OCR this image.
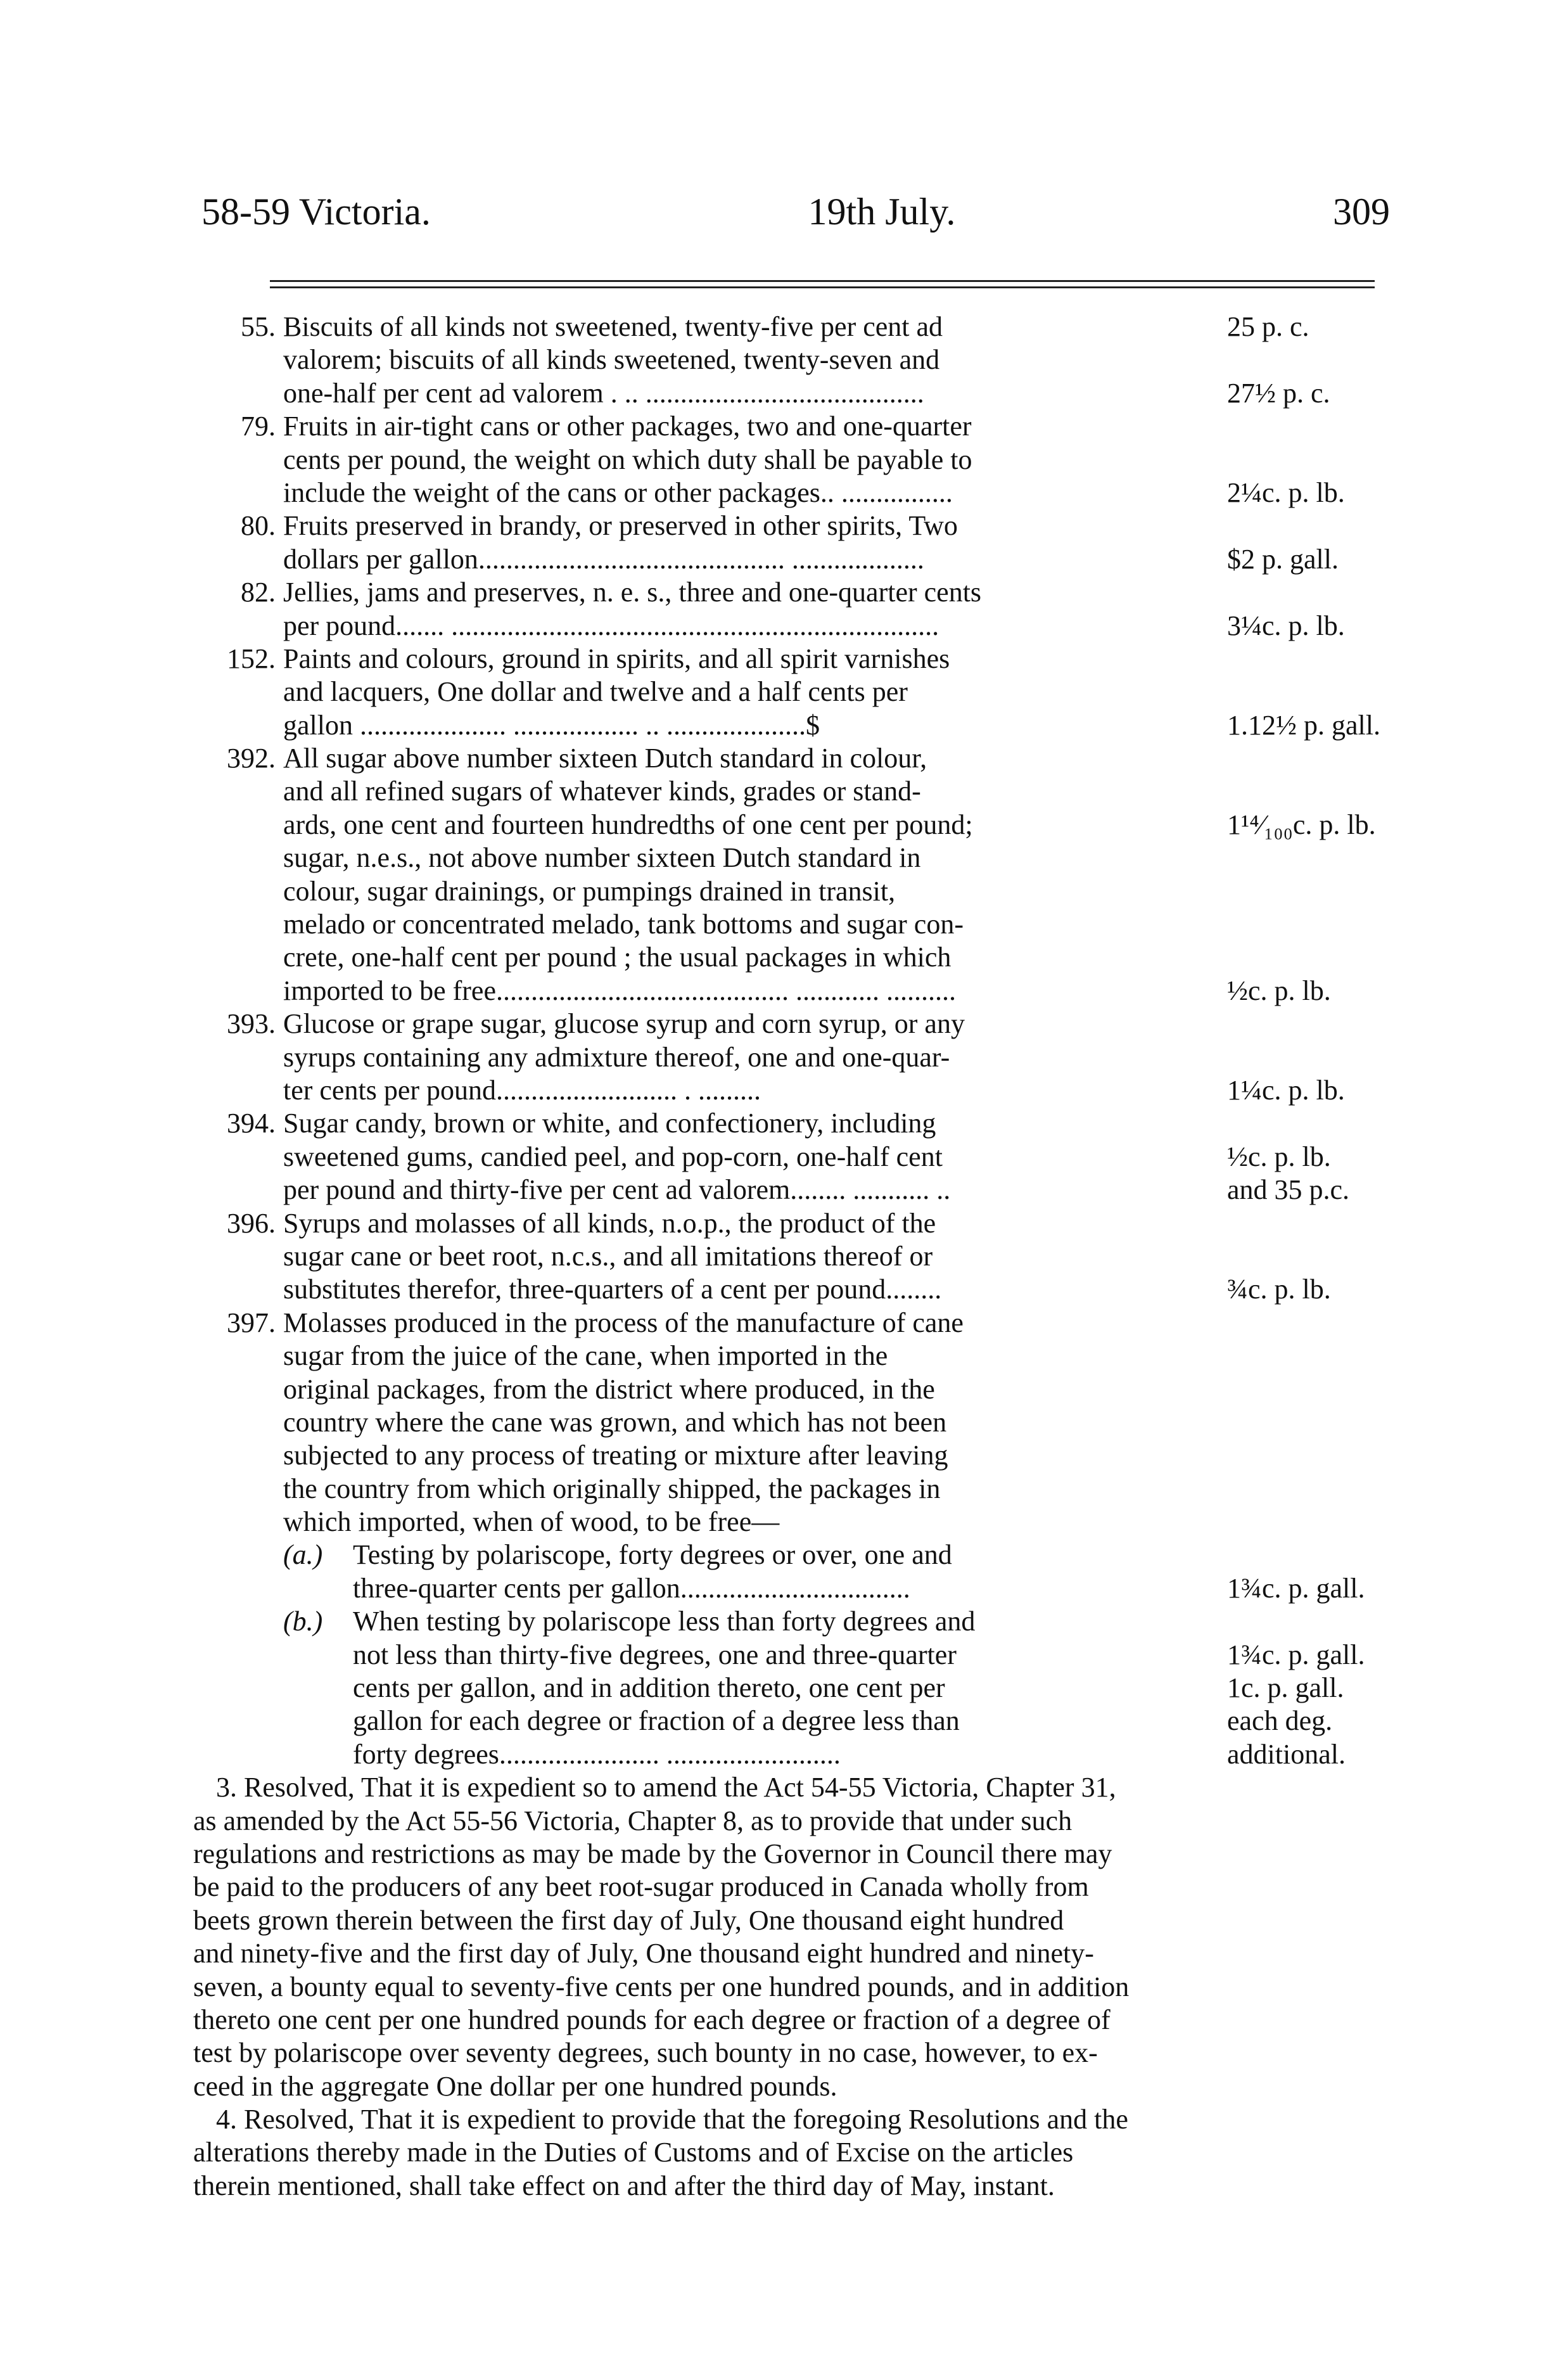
58-59 Victoria.	19th July.	309
55. Biscuits of all kinds not sweetened, twenty-five per cent ad	25 p. c.
valorem; biscuits of all kinds sweetened, twenty-seven and
one-half per cent ad valorem . .. ........................................	27½ p. c.
79. Fruits in air-tight cans or other packages, two and one-quarter
cents per pound, the weight on which duty shall be payable to
include the weight of the cans or other packages.. ................	2¼c. p. lb.
80. Fruits preserved in brandy, or preserved in other spirits, Two
dollars per gallon............................................ ...................	$2 p. gall.
82. Jellies, jams and preserves, n. e. s., three and one-quarter cents
per pound....... ......................................................................	3¼c. p. lb.
152. Paints and colours, ground in spirits, and all spirit varnishes
and lacquers, One dollar and twelve and a half cents per
gallon ..................... .................. .. ....................$	1.12½ p. gall.
392. All sugar above number sixteen Dutch standard in colour,
and all refined sugars of whatever kinds, grades or stand-
ards, one cent and fourteen hundredths of one cent per pound;	1¹⁴⁄₁₀₀c. p. lb.
sugar, n.e.s., not above number sixteen Dutch standard in
colour, sugar drainings, or pumpings drained in transit,
melado or concentrated melado, tank bottoms and sugar con-
crete, one-half cent per pound ; the usual packages in which
imported to be free.......................................... ............ ..........	½c. p. lb.
393. Glucose or grape sugar, glucose syrup and corn syrup, or any
syrups containing any admixture thereof, one and one-quar-
ter cents per pound.......................... . .........	1¼c. p. lb.
394. Sugar candy, brown or white, and confectionery, including
sweetened gums, candied peel, and pop-corn, one-half cent	½c. p. lb.
per pound and thirty-five per cent ad valorem........ ........... ..	and 35 p.c.
396. Syrups and molasses of all kinds, n.o.p., the product of the
sugar cane or beet root, n.c.s., and all imitations thereof or
substitutes therefor, three-quarters of a cent per pound........	¾c. p. lb.
397. Molasses produced in the process of the manufacture of cane
sugar from the juice of the cane, when imported in the
original packages, from the district where produced, in the
country where the cane was grown, and which has not been
subjected to any process of treating or mixture after leaving
the country from which originally shipped, the packages in
which imported, when of wood, to be free—
(a.)	Testing by polariscope, forty degrees or over, one and
three-quarter cents per gallon.................................	1¾c. p. gall.
(b.)	When testing by polariscope less than forty degrees and
not less than thirty-five degrees, one and three-quarter	1¾c. p. gall.
cents per gallon, and in addition thereto, one cent per	1c. p. gall.
gallon for each degree or fraction of a degree less than	each deg.
forty degrees....................... .........................	additional.
3. Resolved, That it is expedient so to amend the Act 54-55 Victoria, Chapter 31,
as amended by the Act 55-56 Victoria, Chapter 8, as to provide that under such
regulations and restrictions as may be made by the Governor in Council there may
be paid to the producers of any beet root-sugar produced in Canada wholly from
beets grown therein between the first day of July, One thousand eight hundred
and ninety-five and the first day of July, One thousand eight hundred and ninety-
seven, a bounty equal to seventy-five cents per one hundred pounds, and in addition
thereto one cent per one hundred pounds for each degree or fraction of a degree of
test by polariscope over seventy degrees, such bounty in no case, however, to ex-
ceed in the aggregate One dollar per one hundred pounds.
4. Resolved, That it is expedient to provide that the foregoing Resolutions and the
alterations thereby made in the Duties of Customs and of Excise on the articles
therein mentioned, shall take effect on and after the third day of May, instant.
